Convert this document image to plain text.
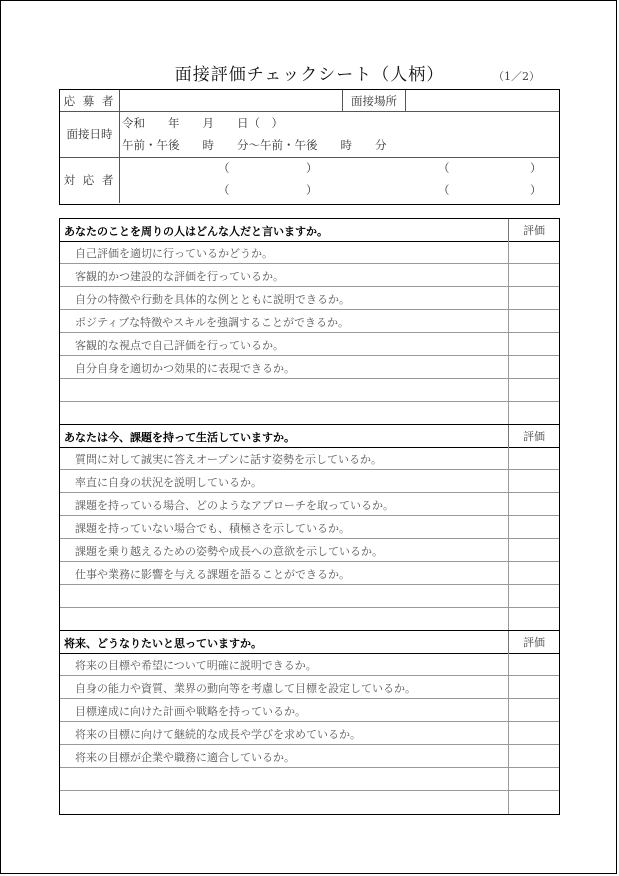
面接評価チェックシート（人柄）	（1／2）
応 募 者	面接場所
面接日時
令和　　年　　月　　日（　）
午前・午後　　時　　分～午前・午後　　時　　分
対 応 者
（	）	（	）
（	）	（	）
あなたのことを周りの人はどんな人だと言いますか。	評価
自己評価を適切に行っているかどうか。
客観的かつ建設的な評価を行っているか。
自分の特徴や行動を具体的な例とともに説明できるか。
ポジティブな特徴やスキルを強調することができるか。
客観的な視点で自己評価を行っているか。
自分自身を適切かつ効果的に表現できるか。
あなたは今、課題を持って生活していますか。	評価
質問に対して誠実に答えオープンに話す姿勢を示しているか。
率直に自身の状況を説明しているか。
課題を持っている場合、どのようなアプローチを取っているか。
課題を持っていない場合でも、積極さを示しているか。
課題を乗り越えるための姿勢や成長への意欲を示しているか。
仕事や業務に影響を与える課題を語ることができるか。
将来、どうなりたいと思っていますか。	評価
将来の目標や希望について明確に説明できるか。
自身の能力や資質、業界の動向等を考慮して目標を設定しているか。
目標達成に向けた計画や戦略を持っているか。
将来の目標に向けて継続的な成長や学びを求めているか。
将来の目標が企業や職務に適合しているか。
